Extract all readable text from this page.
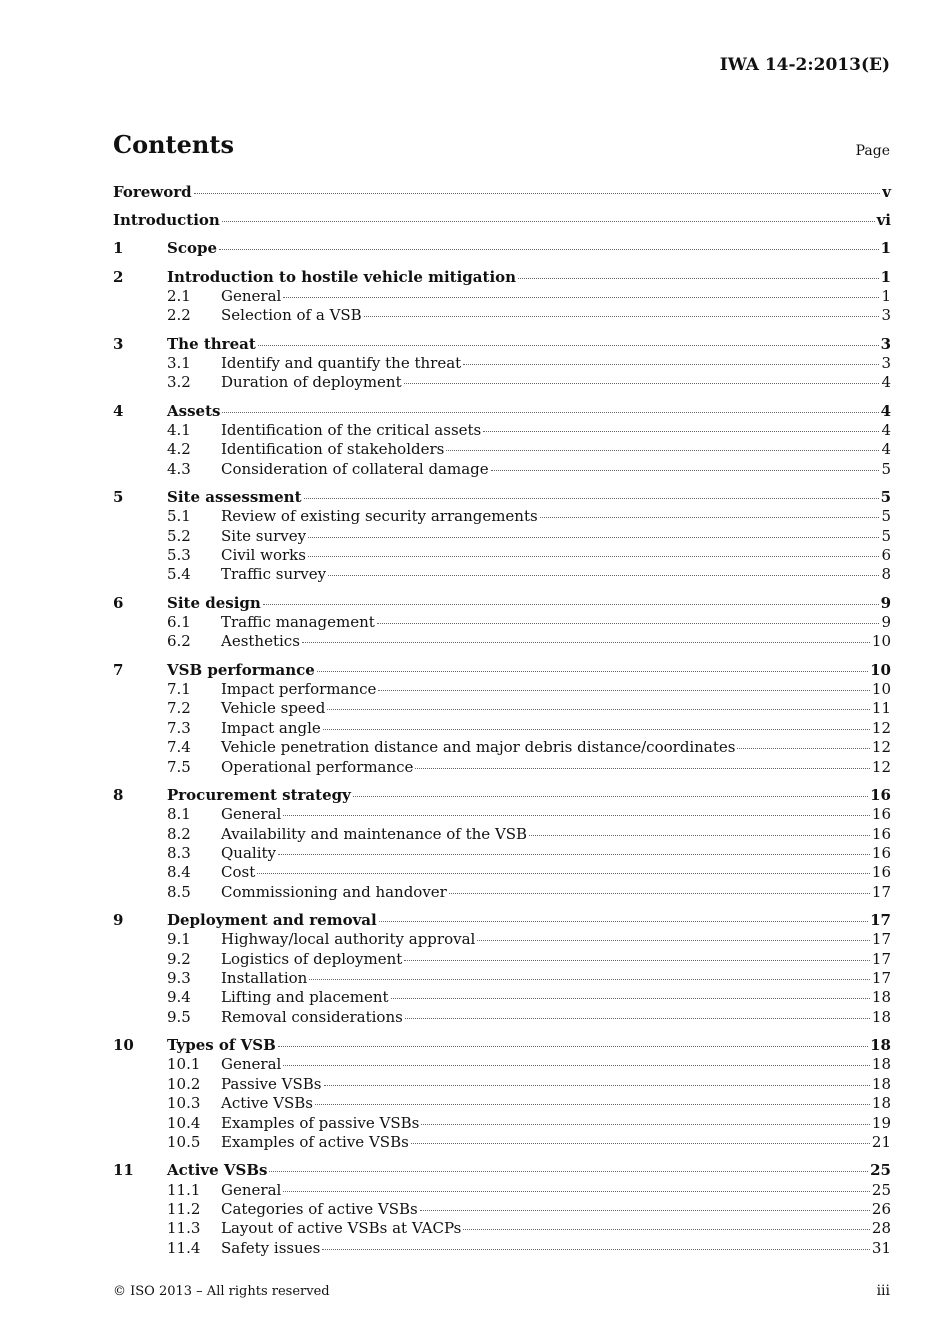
IWA 14-2:2013(E)
Contents	Page
Foreword	v
Introduction	vi
1	Scope	1
2	Introduction to hostile vehicle mitigation	1
2.1	General	1
2.2	Selection of a VSB	3
3	The threat	3
3.1	Identify and quantify the threat	3
3.2	Duration of deployment	4
4	Assets	4
4.1	Identification of the critical assets	4
4.2	Identification of stakeholders	4
4.3	Consideration of collateral damage	5
5	Site assessment	5
5.1	Review of existing security arrangements	5
5.2	Site survey	5
5.3	Civil works	6
5.4	Traffic survey	8
6	Site design	9
6.1	Traffic management	9
6.2	Aesthetics	10
7	VSB performance	10
7.1	Impact performance	10
7.2	Vehicle speed	11
7.3	Impact angle	12
7.4	Vehicle penetration distance and major debris distance/coordinates	12
7.5	Operational performance	12
8	Procurement strategy	16
8.1	General	16
8.2	Availability and maintenance of the VSB	16
8.3	Quality	16
8.4	Cost	16
8.5	Commissioning and handover	17
9	Deployment and removal	17
9.1	Highway/local authority approval	17
9.2	Logistics of deployment	17
9.3	Installation	17
9.4	Lifting and placement	18
9.5	Removal considerations	18
10	Types of VSB	18
10.1	General	18
10.2	Passive VSBs	18
10.3	Active VSBs	18
10.4	Examples of passive VSBs	19
10.5	Examples of active VSBs	21
11	Active VSBs	25
11.1	General	25
11.2	Categories of active VSBs	26
11.3	Layout of active VSBs at VACPs	28
11.4	Safety issues	31
© ISO 2013 – All rights reserved	iii
